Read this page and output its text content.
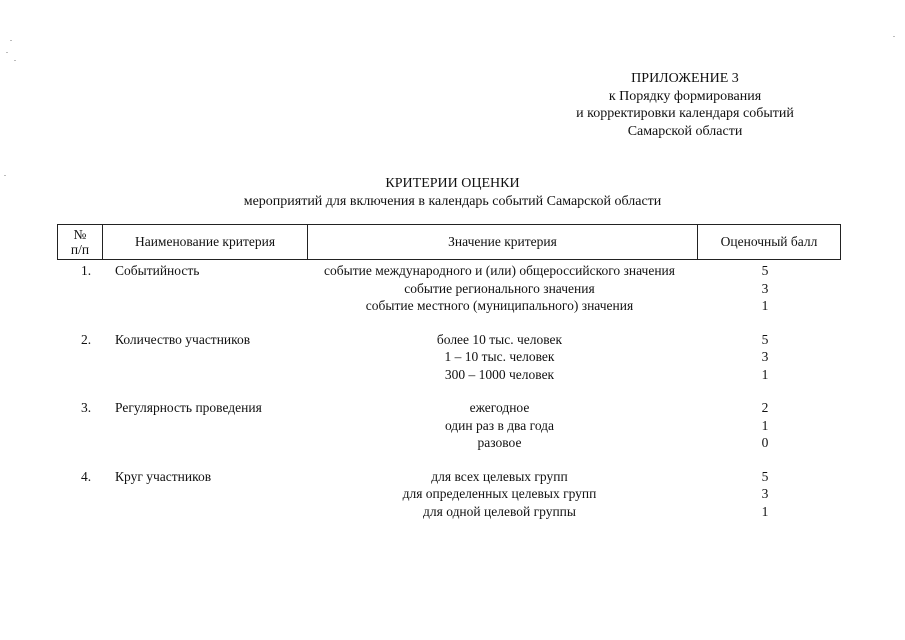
ПРИЛОЖЕНИЕ 3
к Порядку формирования
и корректировки календаря событий
Самарской области
КРИТЕРИИ ОЦЕНКИ
мероприятий для включения в календарь событий Самарской области
№
п/п
	Наименование критерия	Значение критерия	Оценочный балл
1.	Событийность	событие международного и (или) общероссийского значения	5
событие регионального значения	3
событие местного (муниципального) значения	1
2.	Количество участников	более 10 тыс. человек	5
1 – 10 тыс. человек	3
300 – 1000 человек	1
3.	Регулярность проведения	ежегодное	2
один раз в два года	1
разовое	0
4.	Круг участников	для всех целевых групп	5
для определенных целевых групп	3
для одной целевой группы	1
